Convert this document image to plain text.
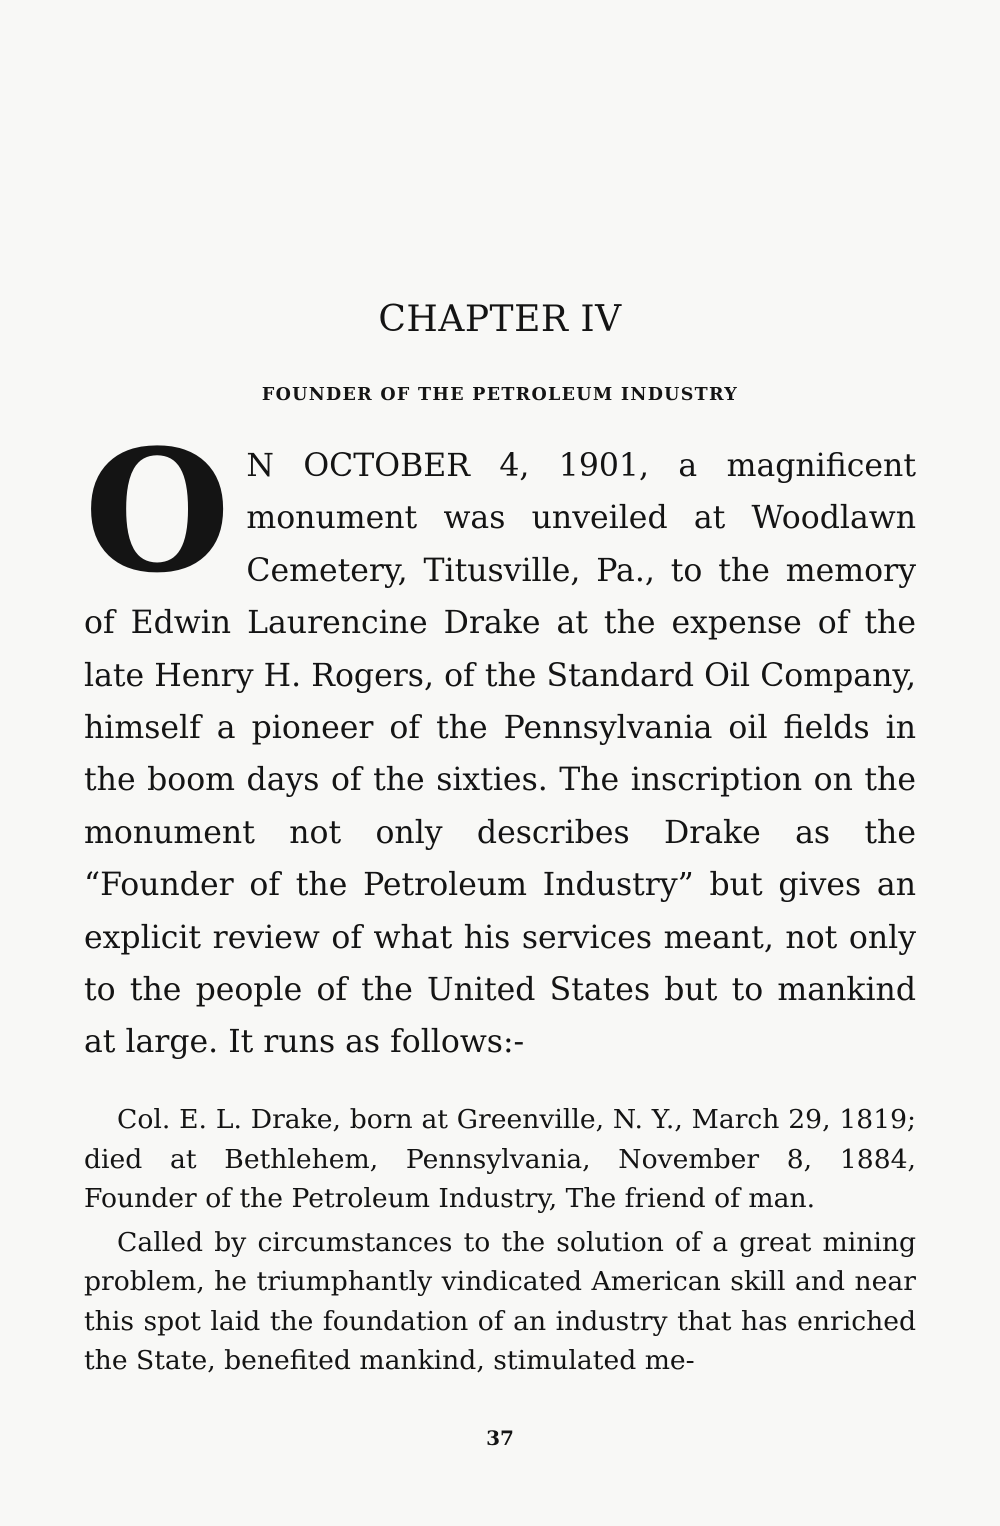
CHAPTER IV
FOUNDER OF THE PETROLEUM INDUSTRY

O N OCTOBER 4, 1901, a magnificent monument was unveiled at Woodlawn Cemetery, Titusville, Pa., to the memory of Edwin Laurencine Drake at the expense of the late Henry H. Rogers, of the Standard Oil Company, himself a pioneer of the Pennsylvania oil fields in the boom days of the sixties. The inscription on the monument not only describes Drake as the “Founder of the Petroleum Industry” but gives an explicit review of what his services meant, not only to the people of the United States but to mankind at large. It runs as follows:-

Col. E. L. Drake, born at Greenville, N. Y., March 29, 1819; died at Bethlehem, Pennsylvania, November 8, 1884, Founder of the Petroleum Industry, The friend of man.

Called by circumstances to the solution of a great mining problem, he triumphantly vindicated American skill and near this spot laid the foundation of an industry that has enriched the State, benefited mankind, stimulated me-

37
